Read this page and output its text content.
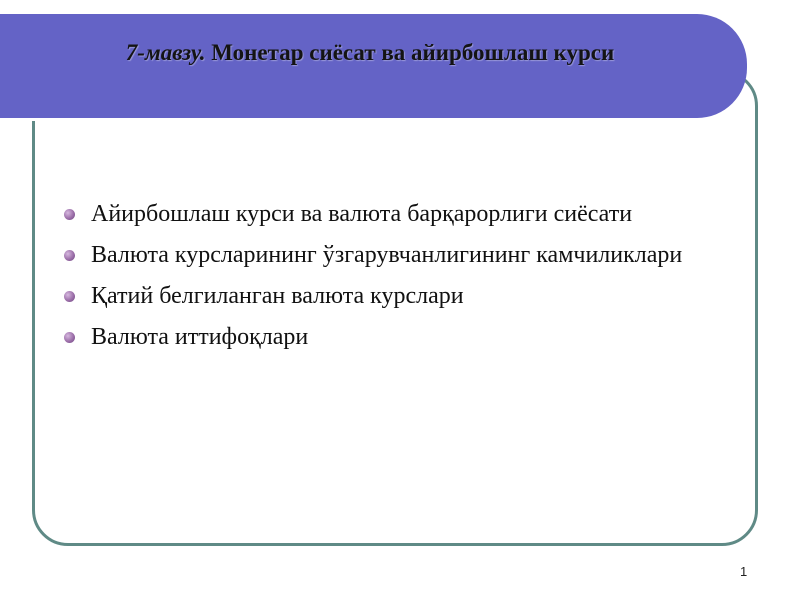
7-мавзу. Монетар сиёсат ва айирбошлаш курси
Айирбошлаш курси ва валюта барқарорлиги сиёсати
Валюта курсларининг ўзгарувчанлигининг камчиликлари
Қатий белгиланган валюта курслари
Валюта иттифоқлари
1
